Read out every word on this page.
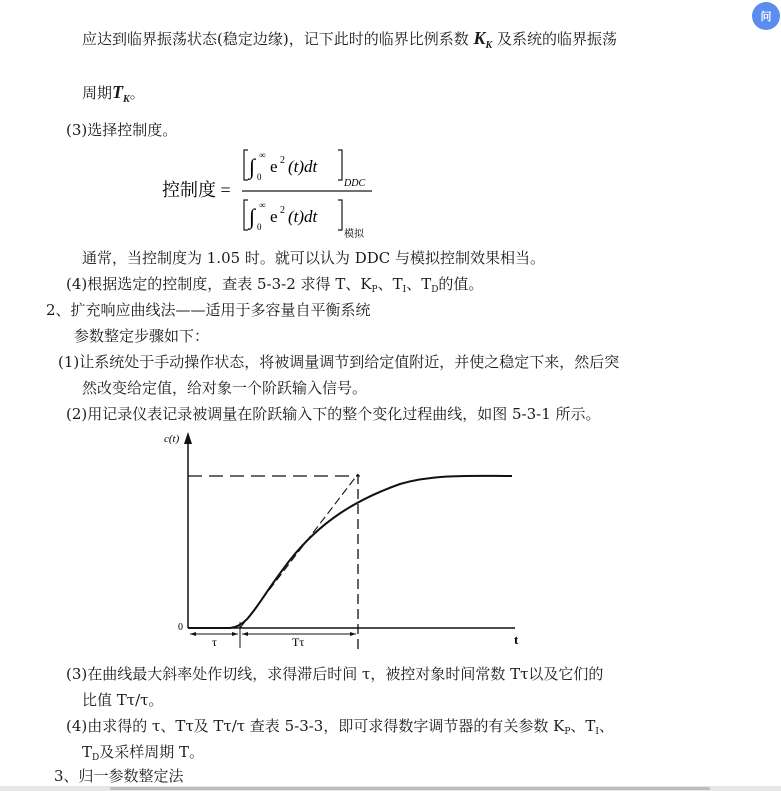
问
应达到临界振荡状态(稳定边缘)，记下此时的临界比例系数 $K_K$ 及系统的临界振荡
周期$T_K$。
(3)选择控制度。
控制度 =
∫ ∞
0
e 2 (t)dt
DDC
∫ ∞
0
e 2 (t)dt
模拟
通常，当控制度为 1.05 时。就可以认为 DDC 与模拟控制效果相当。
(4)根据选定的控制度，查表 5-3-2 求得 T、$K_P$、$T_I$、$T_D$的值。
2、扩充响应曲线法——适用于多容量自平衡系统
参数整定步骤如下：
(1)让系统处于手动操作状态，将被调量调节到给定值附近，并使之稳定下来，然后突
然改变给定值，给对象一个阶跃输入信号。
(2)用记录仪表记录被调量在阶跃输入下的整个变化过程曲线，如图 5-3-1 所示。
c(t)
t
0
τ	Tτ
(3)在曲线最大斜率处作切线，求得滞后时间 τ，被控对象时间常数 Tτ以及它们的
比值 Tτ/τ。
(4)由求得的 τ、Tτ及 Tτ/τ 查表 5-3-3，即可求得数字调节器的有关参数 $K_P$、$T_I$、
$T_D$及采样周期 T。
3、归一参数整定法
